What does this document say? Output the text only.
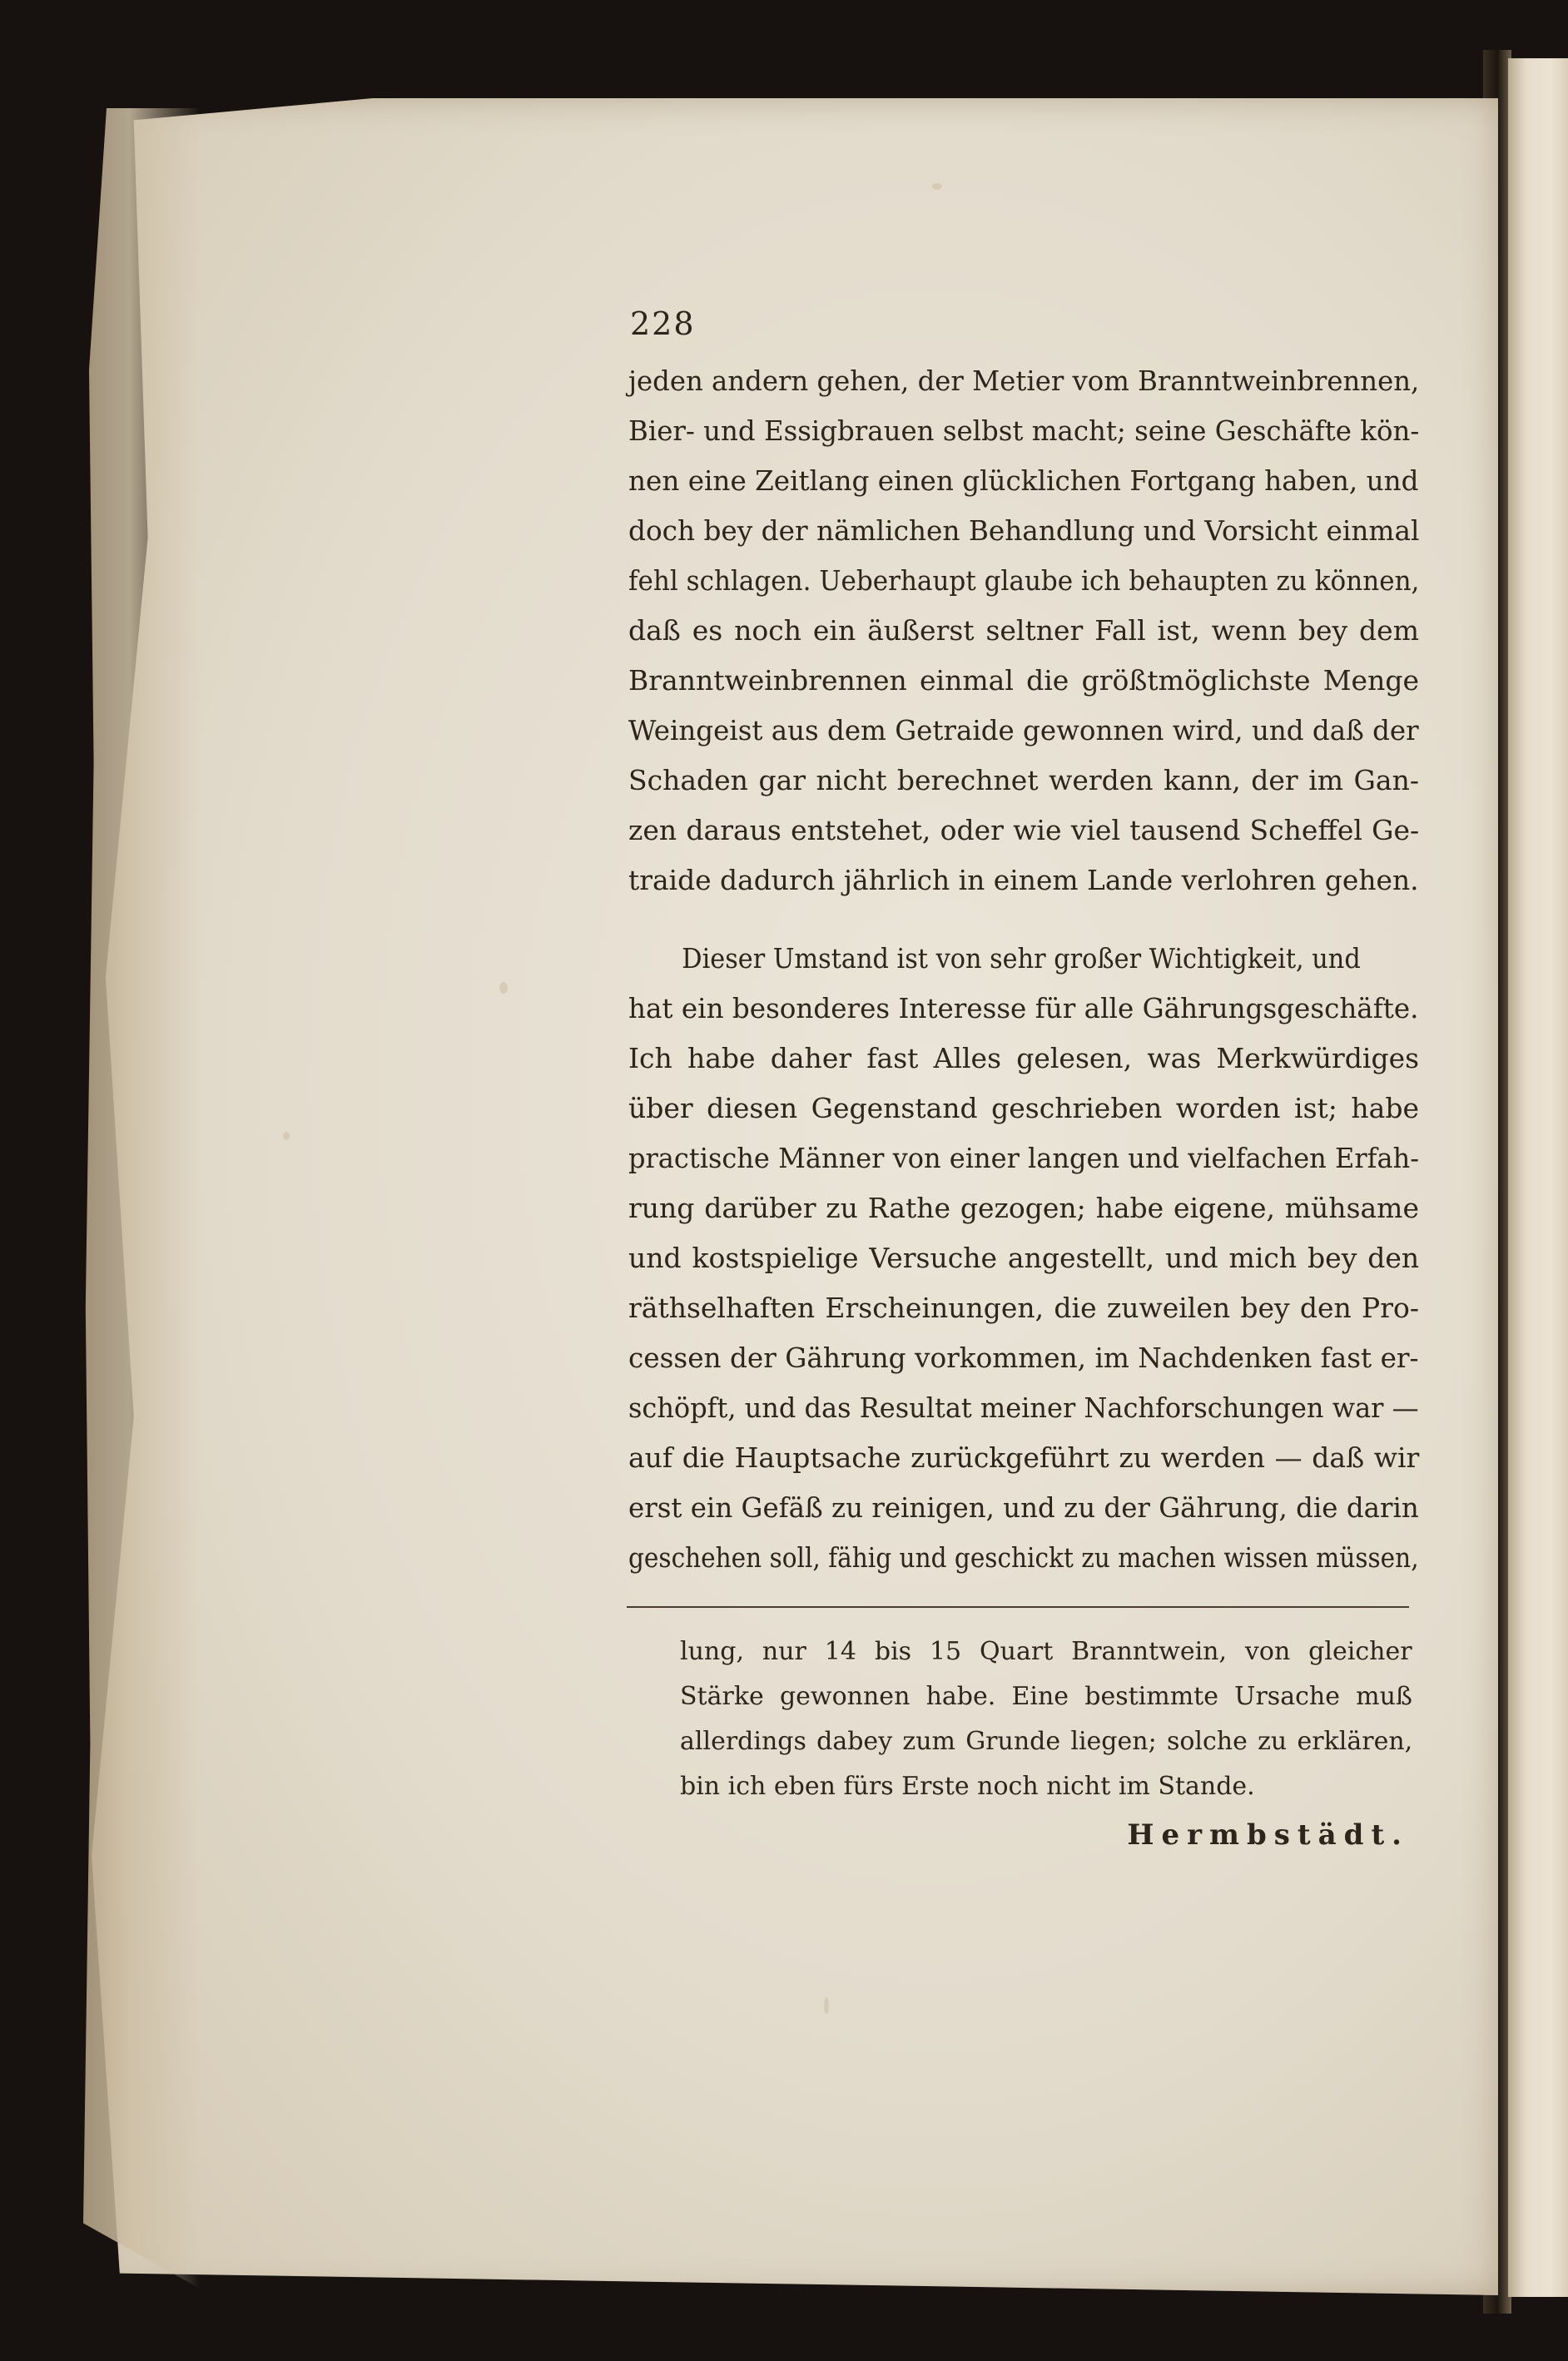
228
jeden andern gehen, der Metier vom Branntweinbrennen,
Bier- und Essigbrauen selbst macht; seine Geschäfte kön-
nen eine Zeitlang einen glücklichen Fortgang haben, und
doch bey der nämlichen Behandlung und Vorsicht einmal
fehl schlagen. Ueberhaupt glaube ich behaupten zu können,
daß es noch ein äußerst seltner Fall ist, wenn bey dem
Branntweinbrennen einmal die größtmöglichste Menge
Weingeist aus dem Getraide gewonnen wird, und daß der
Schaden gar nicht berechnet werden kann, der im Gan-
zen daraus entstehet, oder wie viel tausend Scheffel Ge-
traide dadurch jährlich in einem Lande verlohren gehen.
Dieser Umstand ist von sehr großer Wichtigkeit, und
hat ein besonderes Interesse für alle Gährungsgeschäfte.
Ich habe daher fast Alles gelesen, was Merkwürdiges
über diesen Gegenstand geschrieben worden ist; habe
practische Männer von einer langen und vielfachen Erfah-
rung darüber zu Rathe gezogen; habe eigene, mühsame
und kostspielige Versuche angestellt, und mich bey den
räthselhaften Erscheinungen, die zuweilen bey den Pro-
cessen der Gährung vorkommen, im Nachdenken fast er-
schöpft, und das Resultat meiner Nachforschungen war —
auf die Hauptsache zurückgeführt zu werden — daß wir
erst ein Gefäß zu reinigen, und zu der Gährung, die darin
geschehen soll, fähig und geschickt zu machen wissen müssen,
lung, nur 14 bis 15 Quart Branntwein, von gleicher
Stärke gewonnen habe. Eine bestimmte Ursache muß
allerdings dabey zum Grunde liegen; solche zu erklären,
bin ich eben fürs Erste noch nicht im Stande.
Hermbstädt.
